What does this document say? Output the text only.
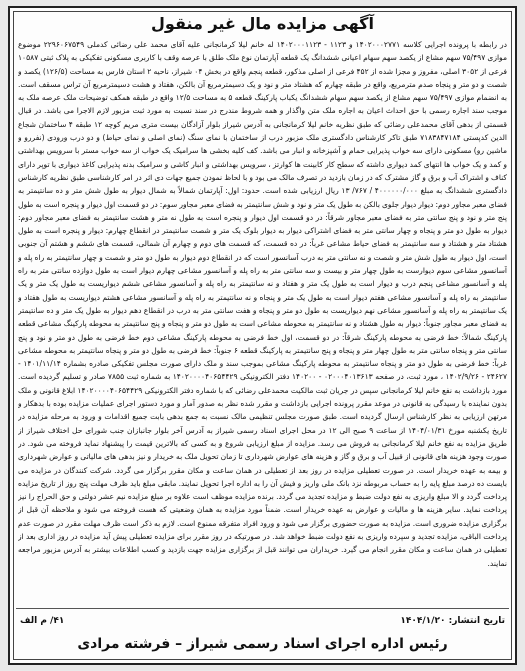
آگهی مزایده مال غیر منقول
در رابطه با پرونده اجرایی کلاسه ۱۴۰۲۰۰۰۲۷۷۱ و ۱۱۲۳ - ۱۴۰۲۰۰۰۱۱۲۳ له خانم لیلا کرمانجانی علیه آقای محمد علی رضائی کدملی ۲۲۹۶۰۶۷۵۴۹ موضوع موازی ۷۵/۴۹۷ سهم مشاع از یکصد سهم سهام اعیانی ششدانگ یک قطعه آپارتمان نوع ملک طلق با عرصه وقف با کاربری مسکونی تفکیکی به پلاک ثبتی ۱۰۵۸۷ فرعی از ۳۰۵۲ اصلی، مفروز و مجزا شده از ۴۵۲ فرعی از اصلی مذکور، قطعه پنجم واقع در بخش ۰۴ شیراز، ناحیه ۲ استان فارس به مساحت (۱۲۶/۵) یکصد و شصت و دو متر و پنجاه صدم مترمربع، واقع در طبقه چهارم که هشتاد متر و نود و یک دسیمترمربع آن بالکن، هفتاد و هشت دسیمترمربع آن تراس مسقف است. به انضمام موازی ۷۵/۴۹۷ سهم مشاع از یکصد سهم سهام ششدانگ یکباب پارکینگ قطعه ۵ به مساحت ۱۲/۵ واقع در طبقه همکف توضیحات ملک عرصه ملک به موجب سند اجاره رسمی با حق احداث اعیان به اجاره ملک متن واگذار و همه شروط مندرج در سند نسبت به مورد ثبت مزبور لازم الاجرا می باشد. در قبال قسمتی از بدهی آقای محمدعلی رضائی که طبق نظریه خانم لیلا کرمانجانی به آدرس شیراز بلوار آزادگان بیست متری مریم کوچه ۱۲ طبقه ۴ ساختمان شجاع الدین کدپستی ۷۱۸۳۸۴۷۱۸۴ طبق تاکر کارشناس دادگستری ملک مزبور درب از ساختمان با نمای سنگ (نمای اصلی و نمای حیاط) و دو درب ورودی (نفررو و ماشین رو) مسکونی دارای سه خواب پذیرایی حمام و آشپزخانه و انبار می باشد. کف کلیه بخشی ها سرامیک یک خواب از سه خواب مستر با سرویس بهداشتی و کمد و یک خواب ها انتهای کمد دیواری داشته که سطح کار کابینت ها کوارتز ، سرویس بهداشتی و انبار کاشی و سرامیک بدنه پذیرایی کاغذ دیواری با توپر دارای کناف و اشتراک آب و برق و گاز مشترک که در زمان بازدید در تصرف مالک می بود و با لحاظ نمودن جمیع جهات دی اثر در امر کارشناسی طبق نظریه کارشناس دادگستری ششدانگ به مبلغ ۴۰۰۰۰۰۰/۰۰۰ / ۷۶۷/ ۱۳ ریال ارزیابی شده است. حدود: اول: آپارتمان شمالاً به شمال دیوار به طول شش متر و ده سانتیمتر به فضای معبر مجاور دوم: دیوار دیوار جلوی بالکن به طول یک متر و نود و شش سانتیمتر به فضای معبر مجاور سوم: در دو قسمت اول دیوار و پنجره است به طول پنج متر و نود و پنج سانتی متر به فضای معبر مجاور شرقاً: در دو قسمت اول دیوار و پنجره است به طول نه متر و هشت سانتیمتر به فضای معبر مجاور دوم: دیوار به طول دو متر و پنجاه و چهار سانتی متر به فضای اشتراکی دیوار به دیوار بلوک یک متر و شصت سانتیمتر در انقطاع چهارم: دیوار و پنجره است به طول هشتاد متر و هشتاد و سه سانتیمتر به فضای حیاط مشاعی غرباً: در ده قسمت، که قسمت های دوم و چهارم آن شمالی، قسمت های ششم و هشتم آن جنوبی است، اول دیوار به طول شش متر و شصت و نه سانتی متر به درب آسانسور است که در انقطاع دوم دیوار به طول دو متر و شصت و چهار سانتیمتر به راه پله و آسانسور مشاعی سوم دیوارست به طول چهار متر و بیست و سه سانتی متر به راه پله و آسانسور مشاعی چهارم دیوار است به طول دوازده سانتی متر به راه پله و آسانسور مشاعی پنجم درب و دیوار است به طول یک متر و هفتاد و نه سانتیمتر به راه پله و آسانسور مشاعی ششم دیواریست به طول یک متر و یک سانتیمتر به راه پله و آسانسور مشاعی هفتم دیوار است به طول یک متر و پنجاه و نه سانتیمتر به راه پله و آسانسور مشاعی هشتم دیواریست به طول هفتاد و یک سانتیمتر به راه پله و آسانسور مشاعی نهم دیواریست به طول دو متر و پنجاه و هفت سانتی متر به درب در انقطاع دهم دیوار به طول یک متر و ده سانتیمتر به فضای معبر مجاور جنوباً: دیوار به طول هشتاد و نه سانتیمتر به محوطه مشاعی است به طول دو متر و پنجاه و پنج سانتیمتر به محوطه پارکینگ مشاعی قطعه پارکینگ شمالاً: خط فرضی به محوطه پارکینگ شرقاً: در دو قسمت، اول خط فرضی به محوطه پارکینگ مشاعی دوم خط فرضی به طول دو متر و نود و پنج سانتی متر و پنجاه سانتی متر به طول چهار متر و پنجاه و پنج سانتیمتر به پارکینگ قطعه ۶ جنوباً: خط فرضی به طول دو متر و پنجاه سانتیمتر به محوطه مشاعی غرباً: خط فرضی به طول دو متر و پنجاه سانتیمتر به محوطه پارکینگ مشاعی بموجب سند و ملک دارای صورت مجلس تفکیکی صادره بشماره ۱۴۰۱/۱۱/۱۴ - ۲۴۶۲۷ - ۱۴۰۲/۹/۲۶ ، مورد ثبت، در صفحه ۰۲۰۰۰۴۰۱۳۶۱۳ - ۱۴۰۲۰۰ دفتر الکترونیکی ۱۴۰۲۰۰۰۰۴۰۶۵۴۴۲۹ به شماره ثبت ۷۸۵۵ صادر و تسلیم گردیده است. مورد بازداشت به نفع خانم لیلا کرمانجانی سپس در جریان ثبت مالکیت محمدعلی رضائی که با شماره دفتر الکترونیکی ۱۴۰۲۰۰۰۰۴۰۶۵۴۴۲۹ ابلاغ قانونی و ملک بدون نماینده با رسیدگی به قانونی در موعد مقرر پرونده اجرایی بازداشت و مقرر شده نظر به صدور آمار و مورد دستور اجرای عملیات مزایده بوده با بدهکار و مرتهن ارزیابی به نظر کارشناس ارسال گردیده است. طبق صورت مجلس تنظیمی مالک نسبت به جمع بدهی بابت جمیع اقدامات و ورود به مرحله مزایده در تاریخ یکشنبه مورخ ۱۴۰۴/۰۱/۳۱ از ساعت ۹ صبح الی ۱۲ در محل اجرای اسناد رسمی شیراز به آدرس آخر بلوار جانبازان جنب شورای حل اختلاف شیراز از طریق مزایده به نفع خانم لیلا کرمانجانی به فروش می رسد. مزایده از مبلغ ارزیابی شروع و به کسی که بالاترین قیمت را پیشنهاد نماید فروخته می شود. در صورت وجود هزینه های قانونی از قبیل آب و برق و گاز و هزینه های عوارض شهرداری تا زمان تحویل ملک به خریدار و نیز بدهی های مالیاتی و عوارض شهرداری و بیمه به عهده خریدار است. در صورت تعطیلی مزایده در روز بعد از تعطیلی در همان ساعت و مکان مقرر برگزار می گردد. شرکت کنندگان در مزایده می بایست ده درصد مبلغ پایه را به حساب مربوطه نزد بانک ملی واریز و فیش آن را به اداره اجرا تحویل نمایند. مابقی مبلغ باید ظرف مهلت پنج روز از تاریخ مزایده پرداخت گردد و الا مبلغ واریزی به نفع دولت ضبط و مزایده تجدید می گردد. برنده مزایده موظف است علاوه بر مبلغ مزایده نیم عشر دولتی و حق الحراج را نیز پرداخت نماید. سایر هزینه ها و مالیات و عوارض به عهده خریدار است. ضمناً مورد مزایده به همان وضعیتی که هست فروخته می شود و ملاحظه آن قبل از برگزاری مزایده ضروری است. مزایده به صورت حضوری برگزار می شود و ورود افراد متفرقه ممنوع است. لازم به ذکر است ظرف مهلت مقرر در صورت عدم پرداخت الباقی، مزایده تجدید و سپرده واریزی به نفع دولت ضبط خواهد شد. در صورتیکه در روز مقرر برای مزایده تعطیلی پیش آید مزایده در روز اداری بعد از تعطیلی در همان ساعت و مکان مقرر انجام می گیرد. خریداران می توانند قبل از برگزاری مزایده جهت بازدید و کسب اطلاعات بیشتر به آدرس مزبور مراجعه نمایند.
تاریخ انتشار: ۱۴۰۴/۱/۲۰
۴۱/ م الف
رئیس اداره اجرای اسناد رسمی شیراز – فرشته مرادی
